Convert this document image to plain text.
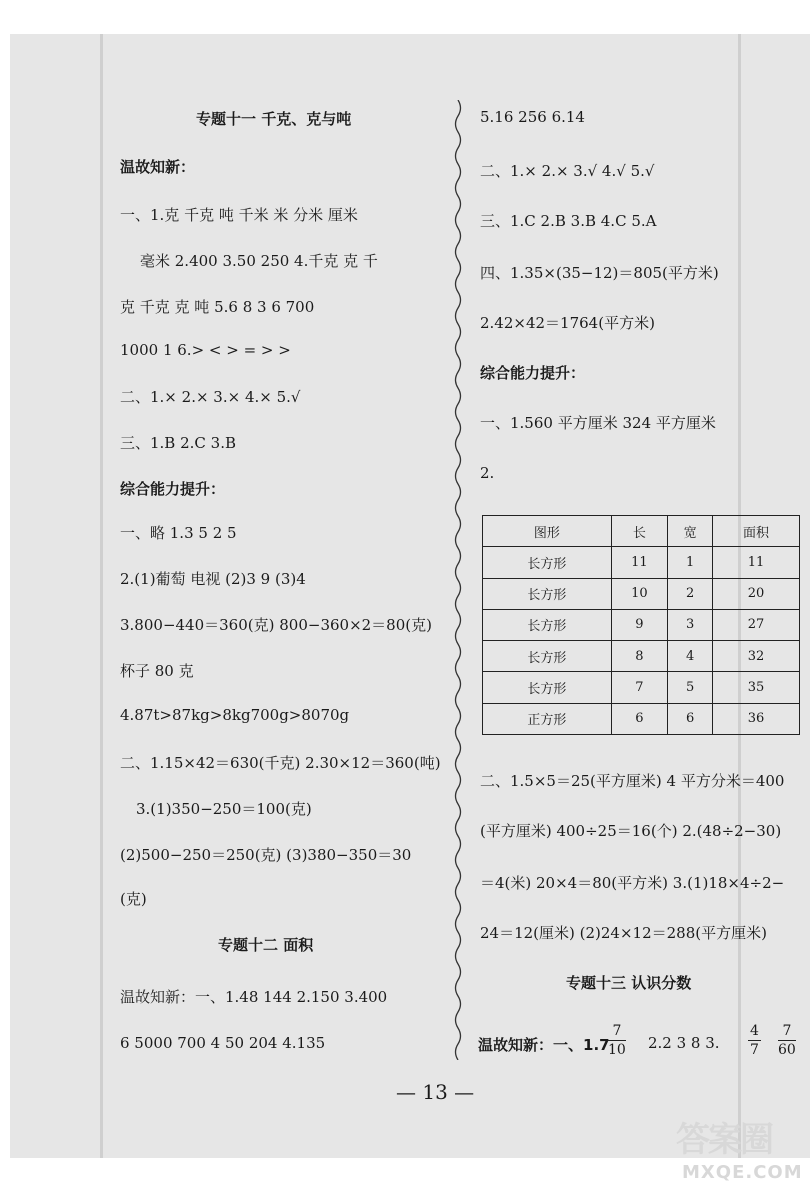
专题十一 千克、克与吨
温故知新：
一、1.克 千克 吨 千米 米 分米 厘米
毫米 2.400 3.50 250 4.千克 克 千
克 千克 克 吨 5.6 8 3 6 700
1000 1 6.> < > = > >
二、1.× 2.× 3.× 4.× 5.√
三、1.B 2.C 3.B
综合能力提升：
一、略 1.3 5 2 5
2.(1)葡萄 电视 (2)3 9 (3)4
3.800−440＝360(克) 800−360×2＝80(克)
杯子 80 克
4.87t>87kg>8kg700g>8070g
二、1.15×42＝630(千克) 2.30×12＝360(吨)
3.(1)350−250＝100(克)
(2)500−250＝250(克) (3)380−350＝30
(克)
专题十二 面积
温故知新：一、1.48 144 2.150 3.400
6 5000 700 4 50 204 4.135
5.16 256 6.14
二、1.× 2.× 3.√ 4.√ 5.√
三、1.C 2.B 3.B 4.C 5.A
四、1.35×(35−12)＝805(平方米)
2.42×42＝1764(平方米)
综合能力提升：
一、1.560 平方厘米 324 平方厘米
2.
图形	长	宽	面积
长方形	11	1	11
长方形	10	2	20
长方形	9	3	27
长方形	8	4	32
长方形	7	5	35
正方形	6	6	36
二、1.5×5＝25(平方厘米) 4 平方分米＝400
(平方厘米) 400÷25＝16(个) 2.(48÷2−30)
＝4(米) 20×4＝80(平方米) 3.(1)18×4÷2−
24＝12(厘米) (2)24×12＝288(平方厘米)
专题十三 认识分数
温故知新：一、1.7
$\frac{7}{10} 2.2$ 3 8 3. $\frac{4}{7} \frac{7}{60}$
— 13 —
答案圈
MXQE.COM
